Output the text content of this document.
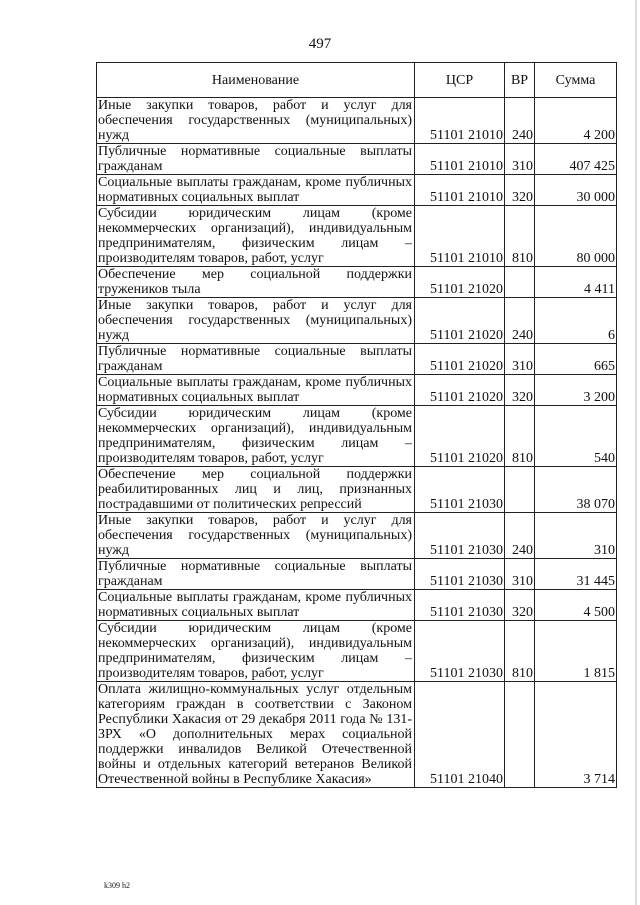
497
Наименование	ЦСР	ВР	Сумма
Иные закупки товаров, работ и услуг для обеспечения государственных (муниципальных) нужд	51101 21010	240	4 200
Публичные нормативные социальные выплаты гражданам	51101 21010	310	407 425
Социальные выплаты гражданам, кроме публичных нормативных социальных выплат	51101 21010	320	30 000
Субсидии юридическим лицам (кроме некоммерческих организаций), индивидуальным предпринимателям, физическим лицам – производителям товаров, работ, услуг	51101 21010	810	80 000
Обеспечение мер социальной поддержки тружеников тыла	51101 21020		4 411
Иные закупки товаров, работ и услуг для обеспечения государственных (муниципальных) нужд	51101 21020	240	6
Публичные нормативные социальные выплаты гражданам	51101 21020	310	665
Социальные выплаты гражданам, кроме публичных нормативных социальных выплат	51101 21020	320	3 200
Субсидии юридическим лицам (кроме некоммерческих организаций), индивидуальным предпринимателям, физическим лицам – производителям товаров, работ, услуг	51101 21020	810	540
Обеспечение мер социальной поддержки реабилитированных лиц и лиц, признанных пострадавшими от политических репрессий	51101 21030		38 070
Иные закупки товаров, работ и услуг для обеспечения государственных (муниципальных) нужд	51101 21030	240	310
Публичные нормативные социальные выплаты гражданам	51101 21030	310	31 445
Социальные выплаты гражданам, кроме публичных нормативных социальных выплат	51101 21030	320	4 500
Субсидии юридическим лицам (кроме некоммерческих организаций), индивидуальным предпринимателям, физическим лицам – производителям товаров, работ, услуг	51101 21030	810	1 815
Оплата жилищно-коммунальных услуг отдельным категориям граждан в соответствии с Законом Республики Хакасия от 29 декабря 2011 года № 131-ЗРХ «О дополнительных мерах социальной поддержки инвалидов Великой Отечественной войны и отдельных категорий ветеранов Великой Отечественной войны в Республике Хакасия»	51101 21040		3 714
k309 h2
